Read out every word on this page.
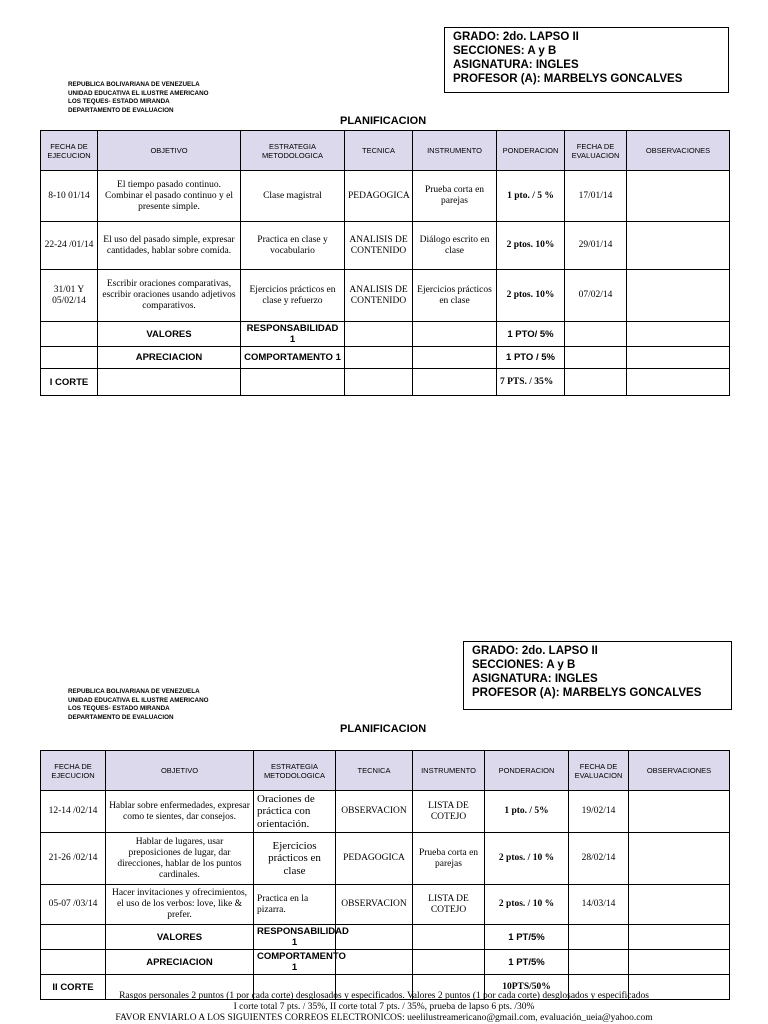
GRADO: 2do. LAPSO II
SECCIONES: A y B
ASIGNATURA: INGLES
PROFESOR (A): MARBELYS GONCALVES
REPUBLICA BOLIVARIANA DE VENEZUELA
UNIDAD EDUCATIVA EL ILUSTRE AMERICANO
LOS TEQUES- ESTADO MIRANDA
DEPARTAMENTO DE EVALUACION
PLANIFICACION
FECHA DE EJECUCION	OBJETIVO	ESTRATEGIA METODOLOGICA	TECNICA	INSTRUMENTO	PONDERACION	FECHA DE EVALUACION	OBSERVACIONES
8-10 01/14	El tiempo pasado continuo. Combinar el pasado continuo y el presente simple.	Clase magistral	PEDAGOGICA	Prueba corta en parejas	1 pto. / 5 %	17/01/14	
22-24 /01/14	El uso del pasado simple, expresar cantidades, hablar sobre comida.	Practica en clase y vocabulario	ANALISIS DE CONTENIDO	Diálogo escrito en clase	2 ptos. 10%	29/01/14	
31/01 Y 05/02/14	Escribir oraciones comparativas, escribir oraciones usando adjetivos comparativos.	Ejercicios prácticos en clase y refuerzo	ANALISIS DE CONTENIDO	Ejercicios prácticos en clase	2 ptos. 10%	07/02/14	
	VALORES	RESPONSABILIDAD 1			1 PTO/ 5%		
	APRECIACION	COMPORTAMENTO 1			1 PTO / 5%		
I CORTE					7 PTS. / 35%		
GRADO: 2do. LAPSO II
SECCIONES: A y B
ASIGNATURA: INGLES
PROFESOR (A): MARBELYS GONCALVES
REPUBLICA BOLIVARIANA DE VENEZUELA
UNIDAD EDUCATIVA EL ILUSTRE AMERICANO
LOS TEQUES- ESTADO MIRANDA
DEPARTAMENTO DE EVALUACION
PLANIFICACION
FECHA DE EJECUCION	OBJETIVO	ESTRATEGIA METODOLOGICA	TECNICA	INSTRUMENTO	PONDERACION	FECHA DE EVALUACION	OBSERVACIONES
12-14 /02/14	Hablar sobre enfermedades, expresar como te sientes, dar consejos.	Oraciones de práctica con orientación.	OBSERVACION	LISTA DE COTEJO	1 pto. / 5%	19/02/14	
21-26 /02/14	Hablar de lugares, usar preposiciones de lugar, dar direcciones, hablar de los puntos cardinales.	Ejercicios prácticos en clase	PEDAGOGICA	Prueba corta en parejas	2 ptos. / 10 %	28/02/14	
05-07 /03/14	Hacer invitaciones y ofrecimientos, el uso de los verbos: love, like & prefer.	Practica en la pizarra.	OBSERVACION	LISTA DE COTEJO	2 ptos. / 10 %	14/03/14	
	VALORES	RESPONSABILIDAD 1			1 PT/5%		
	APRECIACION	COMPORTAMENTO 1			1 PT/5%		
II CORTE					10PTS/50%		
Rasgos personales 2 puntos (1 por cada corte) desglosados y especificados. Valores 2 puntos (1 por cada corte) desglosados y especificados
I corte total 7 pts. / 35%, II corte total 7 pts. / 35%, prueba de lapso 6 pts. /30%
FAVOR ENVIARLO A LOS SIGUIENTES CORREOS ELECTRONICOS: ueelilustreamericano@gmail.com, evaluación_ueia@yahoo.com
